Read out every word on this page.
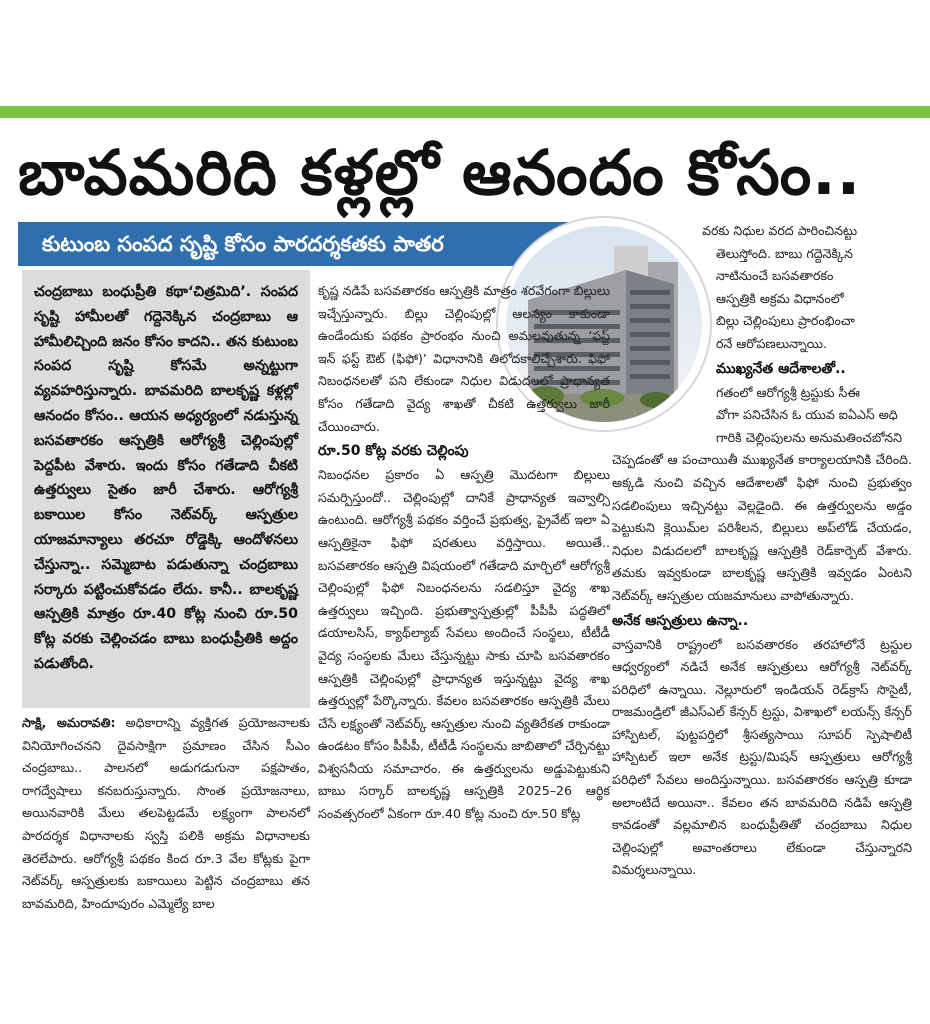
బావమరిది కళ్లల్లో ఆనందం కోసం..
కుటుంబ సంపద సృష్టి కోసం పారదర్శకతకు పాతర

చంద్రబాబు బంధుప్రీతి కథా‘చిత్రమిది’. సంపద సృష్టి హామీలతో గద్దెనెక్కిన చంద్రబాబు ఆ హామీలిచ్చింది జనం కోసం కాదని.. తన కుటుంబ సంపద సృష్టి కోసమే అన్నట్టుగా వ్యవహరిస్తున్నారు. బావమరిది బాలకృష్ణ కళ్లల్లో ఆనందం కోసం.. ఆయన అధ్యర్యంలో నడుస్తున్న బసవతారకం ఆస్పత్రికి ఆరోగ్యశ్రీ చెల్లింపుల్లో పెద్దపీట వేశారు. ఇందు కోసం గతేడాది చీకటి ఉత్తర్వులు సైతం జారీ చేశారు. ఆరోగ్యశ్రీ బకాయిల కోసం నెట్‌వర్క్‌ ఆస్పత్రుల యాజమాన్యాలు తరచూ రోడ్డెక్కి ఆందోళనలు చేస్తున్నా.. సమ్మెబాట పడుతున్నా చంద్రబాబు సర్కారు పట్టించుకోవడం లేదు. కానీ.. బాలకృష్ణ ఆస్పత్రికి మాత్రం రూ.40 కోట్ల నుంచి రూ.50 కోట్ల వరకు చెల్లించడం బాబు బంధుప్రీతికి అద్దం పడుతోంది.

సాక్షి, అమరావతి: అధికారాన్ని వ్యక్తిగత ప్రయోజనాలకు వినియోగించనని దైవసాక్షిగా ప్రమాణం చేసిన సీఎం చంద్రబాబు.. పాలనలో అడుగడుగునా పక్షపాతం, రాగద్వేషాలు కనబరుస్తున్నారు. సొంత ప్రయోజనాలు, అయినవారికి మేలు తలపెట్టడమే లక్ష్యంగా పాలనలో పారదర్శక విధానాలకు స్వస్తి పలికి అక్రమ విధానాలకు తెరలేపారు. ఆరోగ్యశ్రీ పథకం కింద రూ.3 వేల కోట్లకు పైగా నెట్‌వర్క్‌ ఆస్పత్రులకు బకాయిలు పెట్టిన చంద్రబాబు తన బావమరిది, హిందూపురం ఎమ్మెల్యే బాల

కృష్ణ నడిపే బసవతారకం ఆస్పత్రికి మాత్రం శరవేగంగా బిల్లులు ఇచ్చేస్తున్నారు. బిల్లు చెల్లింపుల్లో ఆలస్యం కాకుండా ఉండేందుకు పథకం ప్రారంభం నుంచి అమలవుతున్న ‘ఫస్ట్‌ ఇన్‌ ఫస్ట్‌ ఔట్‌ (ఫిఫో)’ విధానానికి తిలోదకాలిచ్చేశారు. ఫిఫో నిబంధనలతో పని లేకుండా నిధుల విడుదలలో ప్రాధాన్యత కోసం గతేడాది వైద్య శాఖతో చీకటి ఉత్తర్వులు జారీ చేయించారు.

రూ.50 కోట్ల వరకు చెల్లింపు

నిబంధనల ప్రకారం ఏ ఆస్పత్రి మొదటగా బిల్లులు సమర్పిస్తుందో.. చెల్లింపుల్లో దానికే ప్రాధాన్యత ఇవ్వాల్సి ఉంటుంది. ఆరోగ్యశ్రీ పథకం వర్తించే ప్రభుత్వ, ప్రైవేట్‌ ఇలా ఏ ఆస్పత్రికైనా ఫిఫో షరతులు వర్తిస్తాయి. అయితే.. బసవతారకం ఆస్పత్రి విషయంలో గతేడాది మార్చిలో ఆరోగ్యశ్రీ చెల్లింపుల్లో ఫిఫో నిబంధనలను సడలిస్తూ వైద్య శాఖ ఉత్తర్వులు ఇచ్చింది. ప్రభుత్వాస్పత్రుల్లో పీపీపీ పద్ధతిలో డయాలసిస్, క్యాథ్‌ల్యాబ్‌ సేవలు అందించే సంస్థలు, టీటీడీ వైద్య సంస్థలకు మేలు చేస్తున్నట్టు సాకు చూపి బసవతారకం ఆస్పత్రికి చెల్లింపుల్లో ప్రాధాన్యత ఇస్తున్నట్టు వైద్య శాఖ ఉత్తర్వుల్లో పేర్కొన్నారు. కేవలం బసవతారకం ఆస్పత్రికి మేలు చేసే లక్ష్యంతో నెట్‌వర్క్‌ ఆస్పత్రుల నుంచి వ్యతిరేకత రాకుండా ఉండటం కోసం పీపీపీ, టీటీడీ సంస్థలను జాబితాలో చేర్చినట్టు విశ్వసనీయ సమాచారం. ఈ ఉత్తర్వులను అడ్డుపెట్టుకుని బాబు సర్కార్‌ బాలకృష్ణ ఆస్పత్రికి 2025–26 ఆర్థిక సంవత్సరంలో ఏకంగా రూ.40 కోట్ల నుంచి రూ.50 కోట్ల

వరకు నిధుల వరద పారించినట్టు

తెలుస్తోంది. బాబు గద్దెనెక్కిన

నాటినుంచే బసవతారకం

ఆస్పత్రికి అక్రమ విధానంలో

బిల్లు చెల్లింపులు ప్రారంభించా

రనే ఆరోపణలున్నాయి.

ముఖ్యనేత ఆదేశాలతో..

గతంలో ఆరోగ్యశ్రీ ట్రస్టుకు సీఈ

వోగా పనిచేసిన ఓ యువ ఐఏఎస్‌ అధి

గారికి చెల్లింపులను అనుమతించబోనని

చెప్పడంతో ఆ పంచాయితీ ముఖ్యనేత కార్యాలయానికి చేరింది. అక్కడి నుంచి వచ్చిన ఆదేశాలతో ఫిఫో నుంచి ప్రభుత్వం సడలింపులు ఇచ్చినట్టు వెల్లడైంది. ఈ ఉత్తర్వులను అడ్డం పెట్టుకుని క్లెయిమ్‌ల పరిశీలన, బిల్లులు అప్‌లోడ్‌ చేయడం, నిధుల విడుదలలో బాలకృష్ణ ఆస్పత్రికి రెడ్‌కార్పెట్‌ వేశారు. తమకు ఇవ్వకుండా బాలకృష్ణ ఆస్పత్రికి ఇవ్వడం ఏంటని నెట్‌వర్క్‌ ఆస్పత్రుల యజమానులు వాపోతున్నారు.

అనేక ఆస్పత్రులు ఉన్నా..

వాస్తవానికి రాష్ట్రంలో బసవతారకం తరహాలోనే ట్రస్టుల ఆధ్వర్యంలో నడిచే అనేక ఆస్పత్రులు ఆరోగ్యశ్రీ నెట్‌వర్క్‌ పరిధిలో ఉన్నాయి. నెల్లూరులో ఇండియన్‌ రెడ్‌క్రాస్‌ సొసైటీ, రాజమండ్రిలో జీఎస్‌ఎల్‌ కేన్సర్‌ ట్రస్టు, విశాఖలో లయన్స్‌ కేన్సర్‌ హాస్పిటల్, పుట్టపర్తిలో శ్రీసత్యసాయి సూపర్‌ స్పెషాలిటీ హాస్పిటల్‌ ఇలా అనేక ట్రస్టు/మిషన్‌ ఆస్పత్రులు ఆరోగ్యశ్రీ పరిధిలో సేవలు అందిస్తున్నాయి. బసవతారకం ఆస్పత్రి కూడా అలాంటిదే అయినా.. కేవలం తన బావమరిది నడిపే ఆస్పత్రి కావడంతో వల్లమాలిన బంధుప్రీతితో చంద్రబాబు నిధుల చెల్లింపుల్లో అవాంతరాలు లేకుండా చేస్తున్నారని విమర్శలున్నాయి.
